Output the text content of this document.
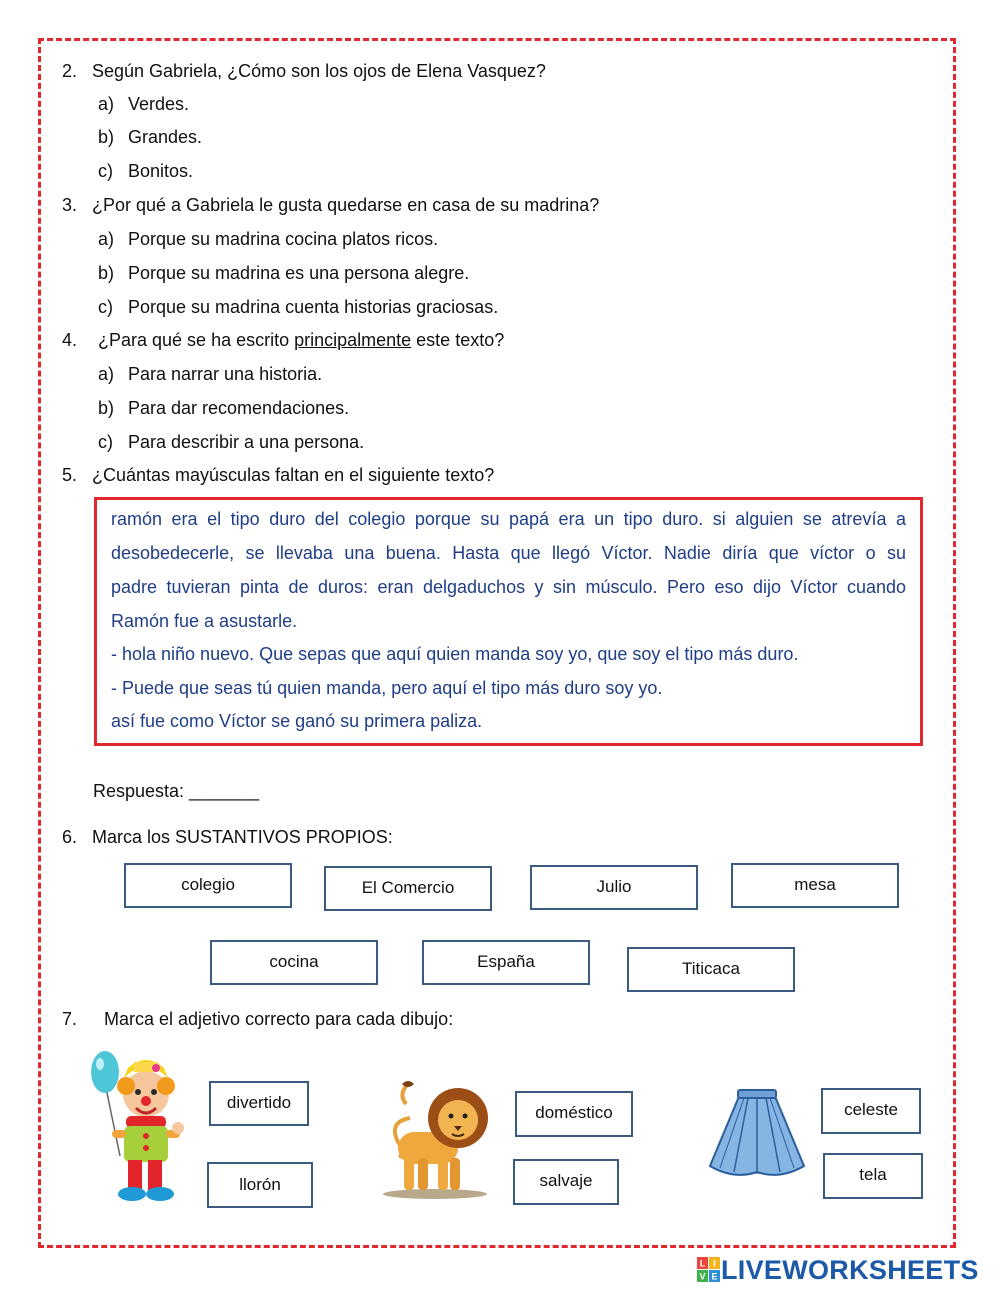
2. Según Gabriela, ¿Cómo son los ojos de Elena Vasquez?
a) Verdes.
b) Grandes.
c) Bonitos.
3. ¿Por qué a Gabriela le gusta quedarse en casa de su madrina?
a) Porque su madrina cocina platos ricos.
b) Porque su madrina es una persona alegre.
c) Porque su madrina cuenta historias graciosas.
4. ¿Para qué se ha escrito principalmente este texto?
a) Para narrar una historia.
b) Para dar recomendaciones.
c) Para describir a una persona.
5. ¿Cuántas mayúsculas faltan en el siguiente texto?
ramón era el tipo duro del colegio porque su papá era un tipo duro. si alguien se atrevía a
desobedecerle, se llevaba una buena. Hasta que llegó Víctor. Nadie diría que víctor o su
padre tuvieran pinta de duros: eran delgaduchos y sin músculo. Pero eso dijo Víctor cuando
Ramón fue a asustarle.
- hola niño nuevo. Que sepas que aquí quien manda soy yo, que soy el tipo más duro.
- Puede que seas tú quien manda, pero aquí el tipo más duro soy yo.
así fue como Víctor se ganó su primera paliza.
Respuesta: _______
6. Marca los SUSTANTIVOS PROPIOS:
colegio	El Comercio	Julio	mesa
cocina	España	Titicaca
7. Marca el adjetivo correcto para cada dibujo:
divertido
llorón
doméstico
salvaje
celeste
tela
L I
V E LIVEWORKSHEETS
